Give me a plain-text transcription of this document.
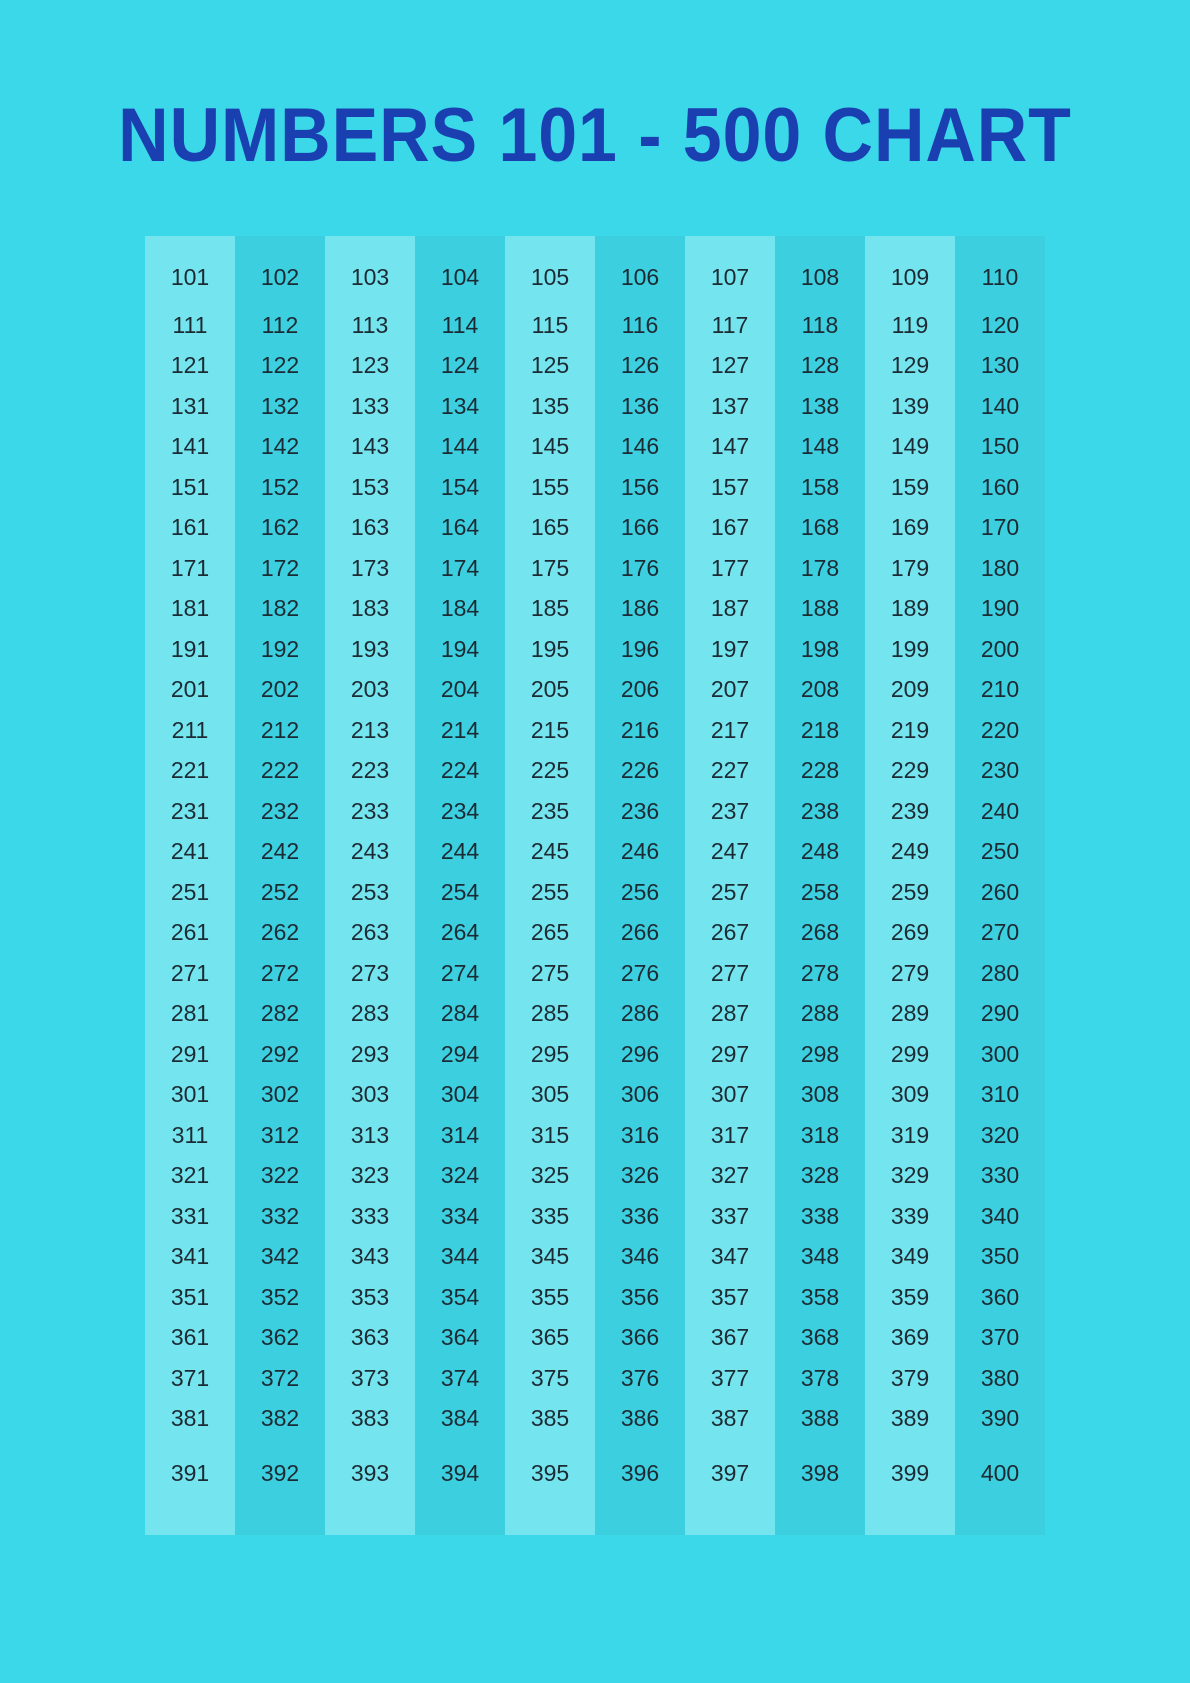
NUMBERS 101 - 500 CHART
101	102	103	104	105	106	107	108	109	110
111	112	113	114	115	116	117	118	119	120
121	122	123	124	125	126	127	128	129	130
131	132	133	134	135	136	137	138	139	140
141	142	143	144	145	146	147	148	149	150
151	152	153	154	155	156	157	158	159	160
161	162	163	164	165	166	167	168	169	170
171	172	173	174	175	176	177	178	179	180
181	182	183	184	185	186	187	188	189	190
191	192	193	194	195	196	197	198	199	200
201	202	203	204	205	206	207	208	209	210
211	212	213	214	215	216	217	218	219	220
221	222	223	224	225	226	227	228	229	230
231	232	233	234	235	236	237	238	239	240
241	242	243	244	245	246	247	248	249	250
251	252	253	254	255	256	257	258	259	260
261	262	263	264	265	266	267	268	269	270
271	272	273	274	275	276	277	278	279	280
281	282	283	284	285	286	287	288	289	290
291	292	293	294	295	296	297	298	299	300
301	302	303	304	305	306	307	308	309	310
311	312	313	314	315	316	317	318	319	320
321	322	323	324	325	326	327	328	329	330
331	332	333	334	335	336	337	338	339	340
341	342	343	344	345	346	347	348	349	350
351	352	353	354	355	356	357	358	359	360
361	362	363	364	365	366	367	368	369	370
371	372	373	374	375	376	377	378	379	380
381	382	383	384	385	386	387	388	389	390
391	392	393	394	395	396	397	398	399	400
